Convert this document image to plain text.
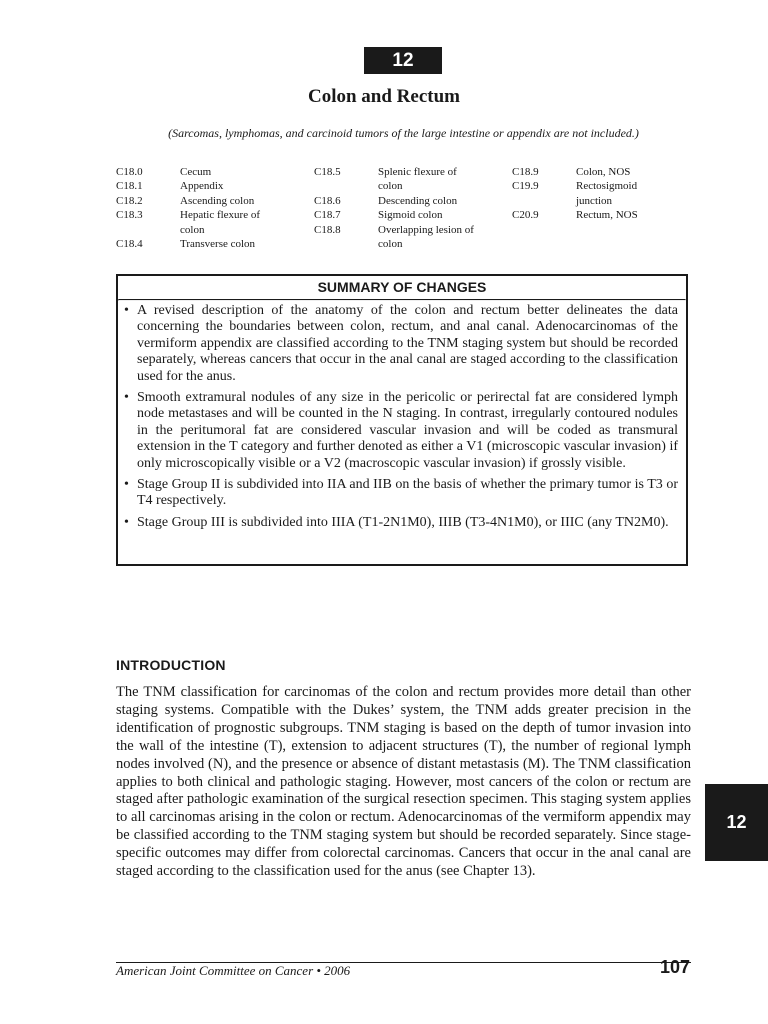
12
Colon and Rectum
(Sarcomas, lymphomas, and carcinoid tumors of the large intestine or appendix are not included.)
C18.0	Cecum
C18.1	Appendix
C18.2	Ascending colon
C18.3	Hepatic flexure of
colon
C18.4	Transverse colon
C18.5	Splenic flexure of
colon
C18.6	Descending colon
C18.7	Sigmoid colon
C18.8	Overlapping lesion of
colon
C18.9	Colon, NOS
C19.9	Rectosigmoid
junction
C20.9	Rectum, NOS
SUMMARY OF CHANGES
• A revised description of the anatomy of the colon and rectum better delineates the data concerning the boundaries between colon, rectum, and anal canal. Adenocarcinomas of the vermiform appendix are classified according to the TNM staging system but should be recorded separately, whereas cancers that occur in the anal canal are staged according to the classification used for the anus.
• Smooth extramural nodules of any size in the pericolic or perirectal fat are considered lymph node metastases and will be counted in the N staging. In contrast, irregularly contoured nodules in the peritumoral fat are considered vascular invasion and will be coded as transmural extension in the T category and further denoted as either a V1 (microscopic vascular invasion) if only microscopically visible or a V2 (macroscopic vascular invasion) if grossly visible.
• Stage Group II is subdivided into IIA and IIB on the basis of whether the primary tumor is T3 or T4 respectively.
• Stage Group III is subdivided into IIIA (T1-2N1M0), IIIB (T3-4N1M0), or IIIC (any TN2M0).
INTRODUCTION

The TNM classification for carcinomas of the colon and rectum provides more detail than other staging systems. Compatible with the Dukes’ system, the TNM adds greater precision in the identification of prognostic subgroups. TNM staging is based on the depth of tumor invasion into the wall of the intestine (T), extension to adjacent structures (T), the number of regional lymph nodes involved (N), and the presence or absence of distant metastasis (M). The TNM classification applies to both clinical and pathologic staging. However, most cancers of the colon or rectum are staged after pathologic examination of the surgical resection specimen. This staging system applies to all carcinomas arising in the colon or rectum. Adenocarcinomas of the vermiform appendix may be classified according to the TNM staging system but should be recorded separately. Since stage-specific outcomes may differ from colorectal carcinomas. Cancers that occur in the anal canal are staged according to the classification used for the anus (see Chapter 13).

12
American Joint Committee on Cancer • 2006	107
